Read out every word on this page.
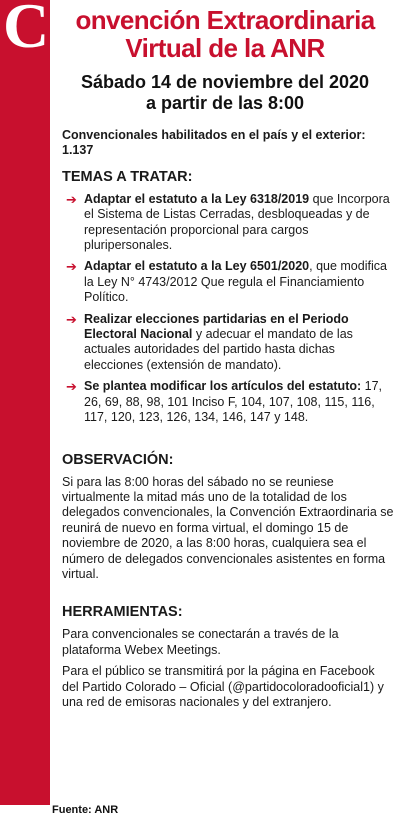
C	onvención Extraordinaria
Virtual de la ANR
Sábado 14 de noviembre del 2020
a partir de las 8:00
Convencionales habilitados en el país y el exterior: 1.137
TEMAS A TRATAR:
➔ Adaptar el estatuto a la Ley 6318/2019 que Incorpora el Sistema de Listas Cerradas, desbloqueadas y de representación proporcional para cargos pluripersonales.
➔ Adaptar el estatuto a la Ley 6501/2020, que modifica la Ley N° 4743/2012 Que regula el Financiamiento Político.
➔ Realizar elecciones partidarias en el Periodo Electoral Nacional y adecuar el mandato de las actuales autoridades del partido hasta dichas elecciones (extensión de mandato).
➔ Se plantea modificar los artículos del estatuto: 17, 26, 69, 88, 98, 101 Inciso F, 104, 107, 108, 115, 116, 117, 120, 123, 126, 134, 146, 147 y 148.
OBSERVACIÓN:
Si para las 8:00 horas del sábado no se reuniese virtualmente la mitad más uno de la totalidad de los delegados convencionales, la Convención Extraordinaria se reunirá de nuevo en forma virtual, el domingo 15 de noviembre de 2020, a las 8:00 horas, cualquiera sea el número de delegados convencionales asistentes en forma virtual.
HERRAMIENTAS:
Para convencionales se conectarán a través de la plataforma Webex Meetings.
Para el público se transmitirá por la página en Facebook del Partido Colorado – Oficial (@partidocoloradooficial1) y una red de emisoras nacionales y del extranjero.
Fuente: ANR
